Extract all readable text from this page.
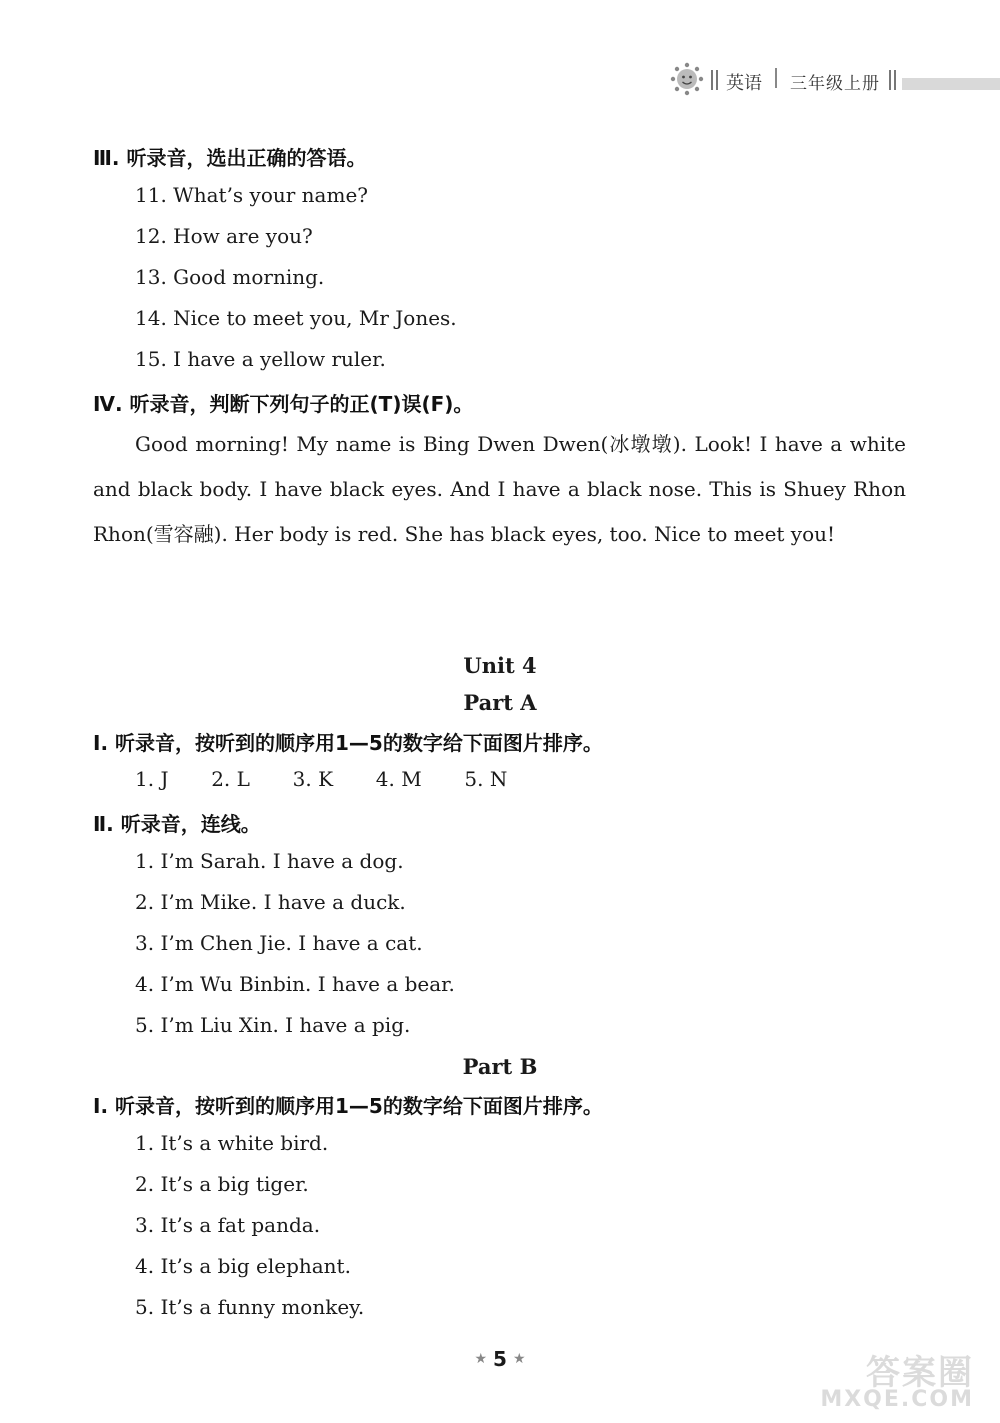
英语 三年级上册
Ⅲ. 听录音，选出正确的答语。
11. What’s your name?
12. How are you?
13. Good morning.
14. Nice to meet you, Mr Jones.
15. I have a yellow ruler.
Ⅳ. 听录音，判断下列句子的正(T)误(F)。
Good morning! My name is Bing Dwen Dwen(冰墩墩). Look! I have a white and black body. I have black eyes. And I have a black nose. This is Shuey Rhon Rhon(雪容融). Her body is red. She has black eyes, too. Nice to meet you!
Unit 4
Part A
Ⅰ. 听录音，按听到的顺序用1—5的数字给下面图片排序。
1. J 2. L 3. K 4. M 5. N
Ⅱ. 听录音，连线。
1. I’m Sarah. I have a dog.
2. I’m Mike. I have a duck.
3. I’m Chen Jie. I have a cat.
4. I’m Wu Binbin. I have a bear.
5. I’m Liu Xin. I have a pig.
Part B
Ⅰ. 听录音，按听到的顺序用1—5的数字给下面图片排序。
1. It’s a white bird.
2. It’s a big tiger.
3. It’s a fat panda.
4. It’s a big elephant.
5. It’s a funny monkey.
★ 5 ★	答案圈
MXQE.COM
